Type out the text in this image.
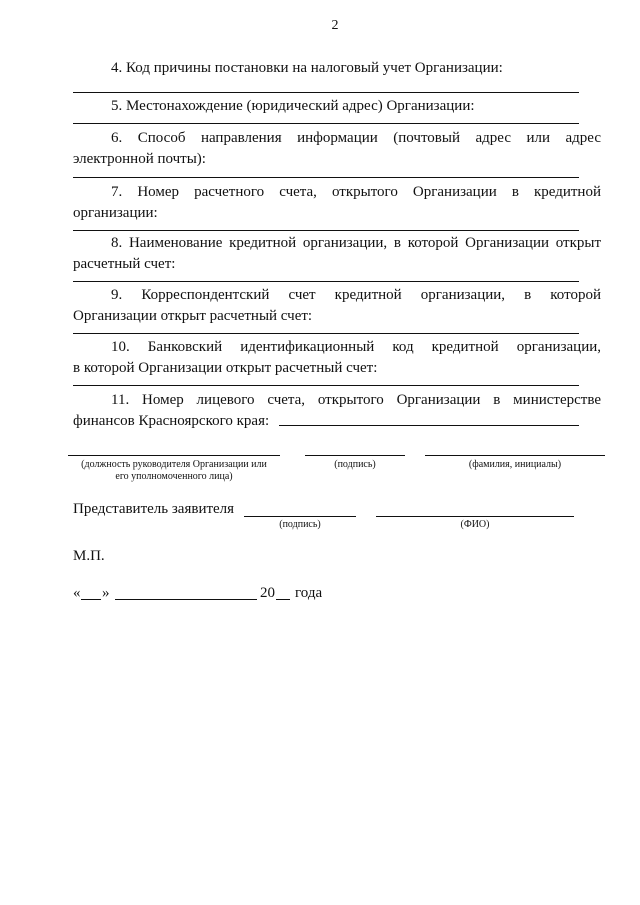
2
4. Код причины постановки на налоговый учет Организации:
5. Местонахождение (юридический адрес) Организации:
6. Способ направления информации (почтовый адрес или адрес
электронной почты):
7. Номер расчетного счета, открытого Организации в кредитной
организации:
8. Наименование кредитной организации, в которой Организации открыт
расчетный счет:
9. Корреспондентский счет кредитной организации, в которой
Организации открыт расчетный счет:
10. Банковский идентификационный код кредитной организации,
в которой Организации открыт расчетный счет:
11. Номер лицевого счета, открытого Организации в министерстве
финансов Красноярского края:
(должность руководителя Организации или
его уполномоченного лица)
(подпись)	(фамилия, инициалы)
Представитель заявителя
(подпись)	(ФИО)
М.П.
« »	20 года
